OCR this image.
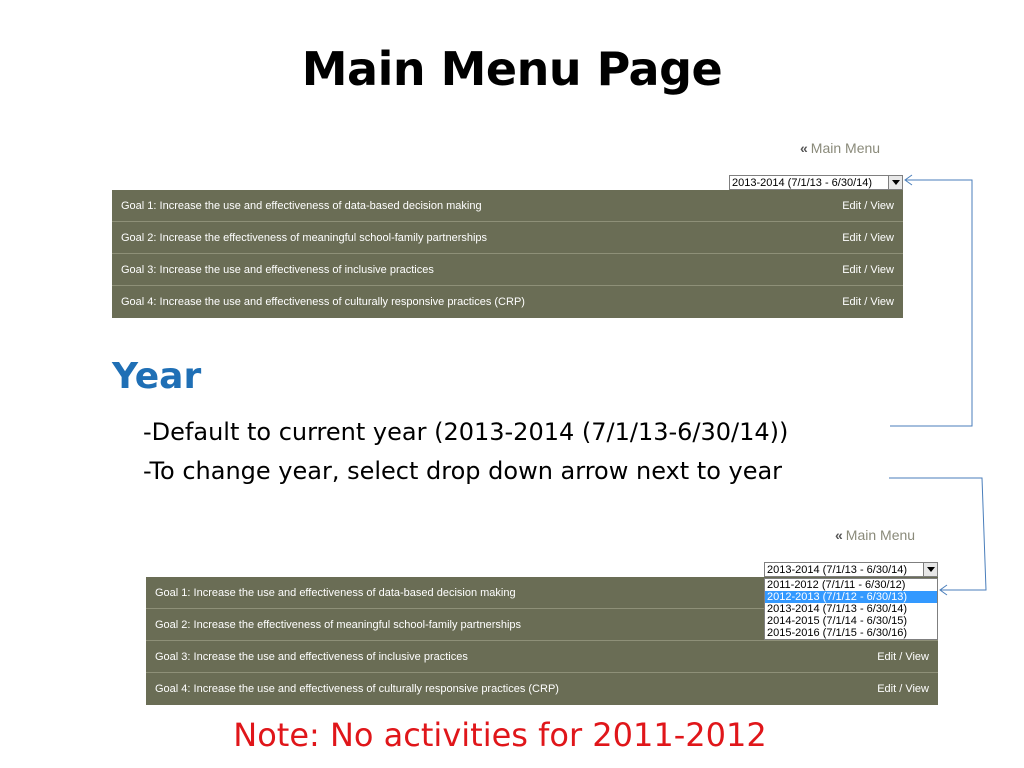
Main Menu Page
« Main Menu
2013-2014 (7/1/13 - 6/30/14)
Goal 1: Increase the use and effectiveness of data-based decision making	Edit / View
Goal 2: Increase the effectiveness of meaningful school-family partnerships	Edit / View
Goal 3: Increase the use and effectiveness of inclusive practices	Edit / View
Goal 4: Increase the use and effectiveness of culturally responsive practices (CRP)	Edit / View
Year
-Default to current year (2013-2014 (7/1/13-6/30/14))
-To change year, select drop down arrow next to year
« Main Menu
2013-2014 (7/1/13 - 6/30/14)
2011-2012 (7/1/11 - 6/30/12)
2012-2013 (7/1/12 - 6/30/13)
2013-2014 (7/1/13 - 6/30/14)
2014-2015 (7/1/14 - 6/30/15)
2015-2016 (7/1/15 - 6/30/16)
Goal 1: Increase the use and effectiveness of data-based decision making
Goal 2: Increase the effectiveness of meaningful school-family partnerships
Goal 3: Increase the use and effectiveness of inclusive practices	Edit / View
Goal 4: Increase the use and effectiveness of culturally responsive practices (CRP)	Edit / View
Note: No activities for 2011-2012
